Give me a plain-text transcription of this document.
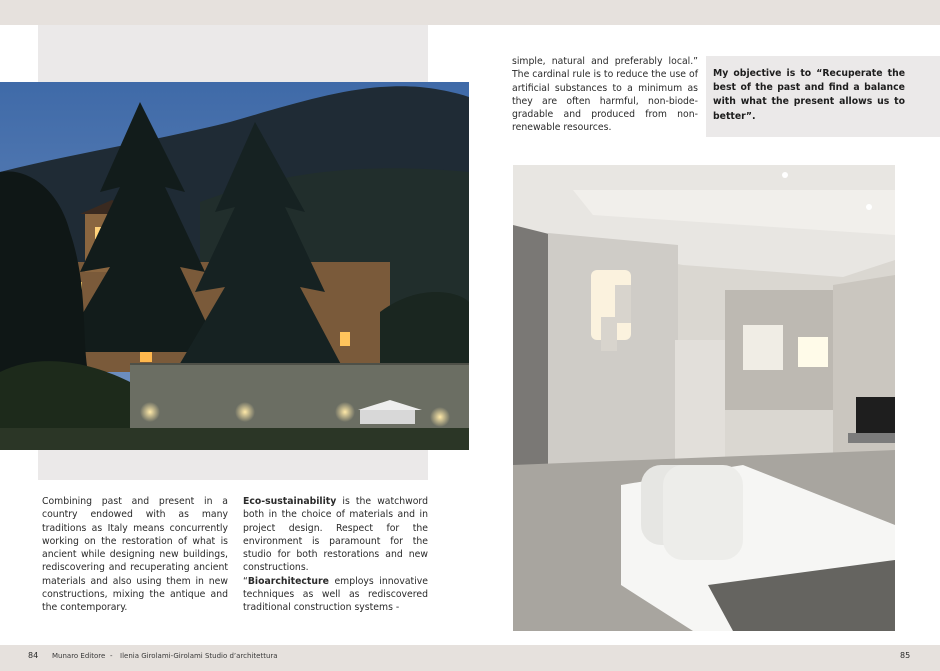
Combining past and present in a country endowed with as many traditions as Italy means concurrently working on the restoration of what is ancient while designing new buildings, rediscovering and recuperating ancient materials and also using them in new constructions, mixing the antique and the contemporary.

Eco-sustainability is the watchword both in the choice of materials and in project design. Respect for the environment is paramount for the studio for both restorations and new constructions.

“Bioarchitecture employs innovative techniques as well as rediscovered traditional construction systems -

simple, natural and preferably local.” The cardinal rule is to reduce the use of artificial substances to a minimum as they are often harmful, non-biode-gradable and produced from non-renewable resources.

My objective is to “Recuperate the best of the past and find a balance with what the present allows us to better”.

84 Munaro Editore - Ilenia Girolami-Girolami Studio d’architettura	85
